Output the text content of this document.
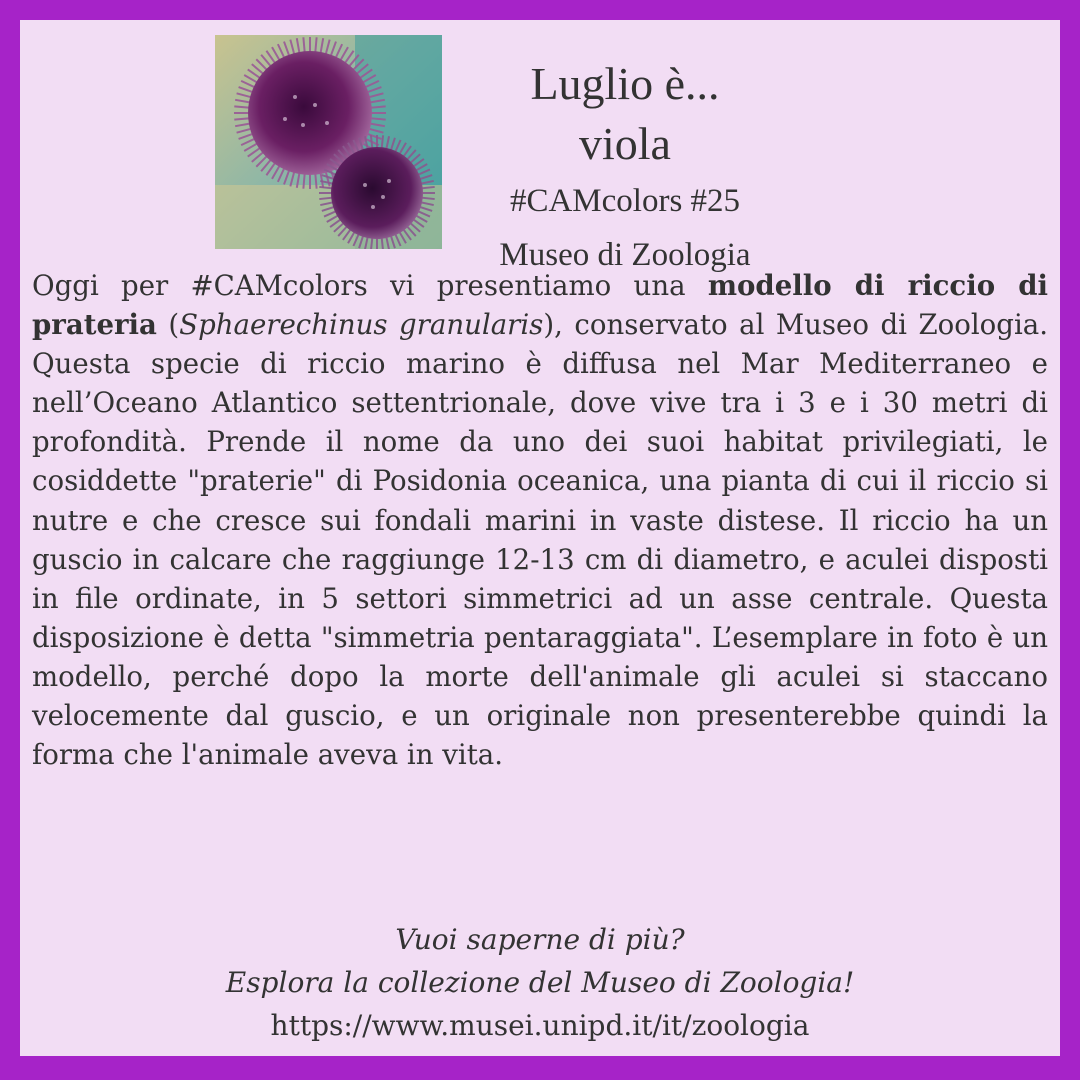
Luglio è... viola
#CAMcolors #25
Museo di Zoologia

Oggi per #CAMcolors vi presentiamo una modello di riccio di prateria (Sphaerechinus granularis), conservato al Museo di Zoologia. Questa specie di riccio marino è diffusa nel Mar Mediterraneo e nell’Oceano Atlantico settentrionale, dove vive tra i 3 e i 30 metri di profondità. Prende il nome da uno dei suoi habitat privilegiati, le cosiddette "praterie" di Posidonia oceanica, una pianta di cui il riccio si nutre e che cresce sui fondali marini in vaste distese. Il riccio ha un guscio in calcare che raggiunge 12-13 cm di diametro, e aculei disposti in file ordinate, in 5 settori simmetrici ad un asse centrale. Questa disposizione è detta "simmetria pentaraggiata". L’esemplare in foto è un modello, perché dopo la morte dell'animale gli aculei si staccano velocemente dal guscio, e un originale non presenterebbe quindi la forma che l'animale aveva in vita.

Vuoi saperne di più?
Esplora la collezione del Museo di Zoologia!
https://www.musei.unipd.it/it/zoologia
